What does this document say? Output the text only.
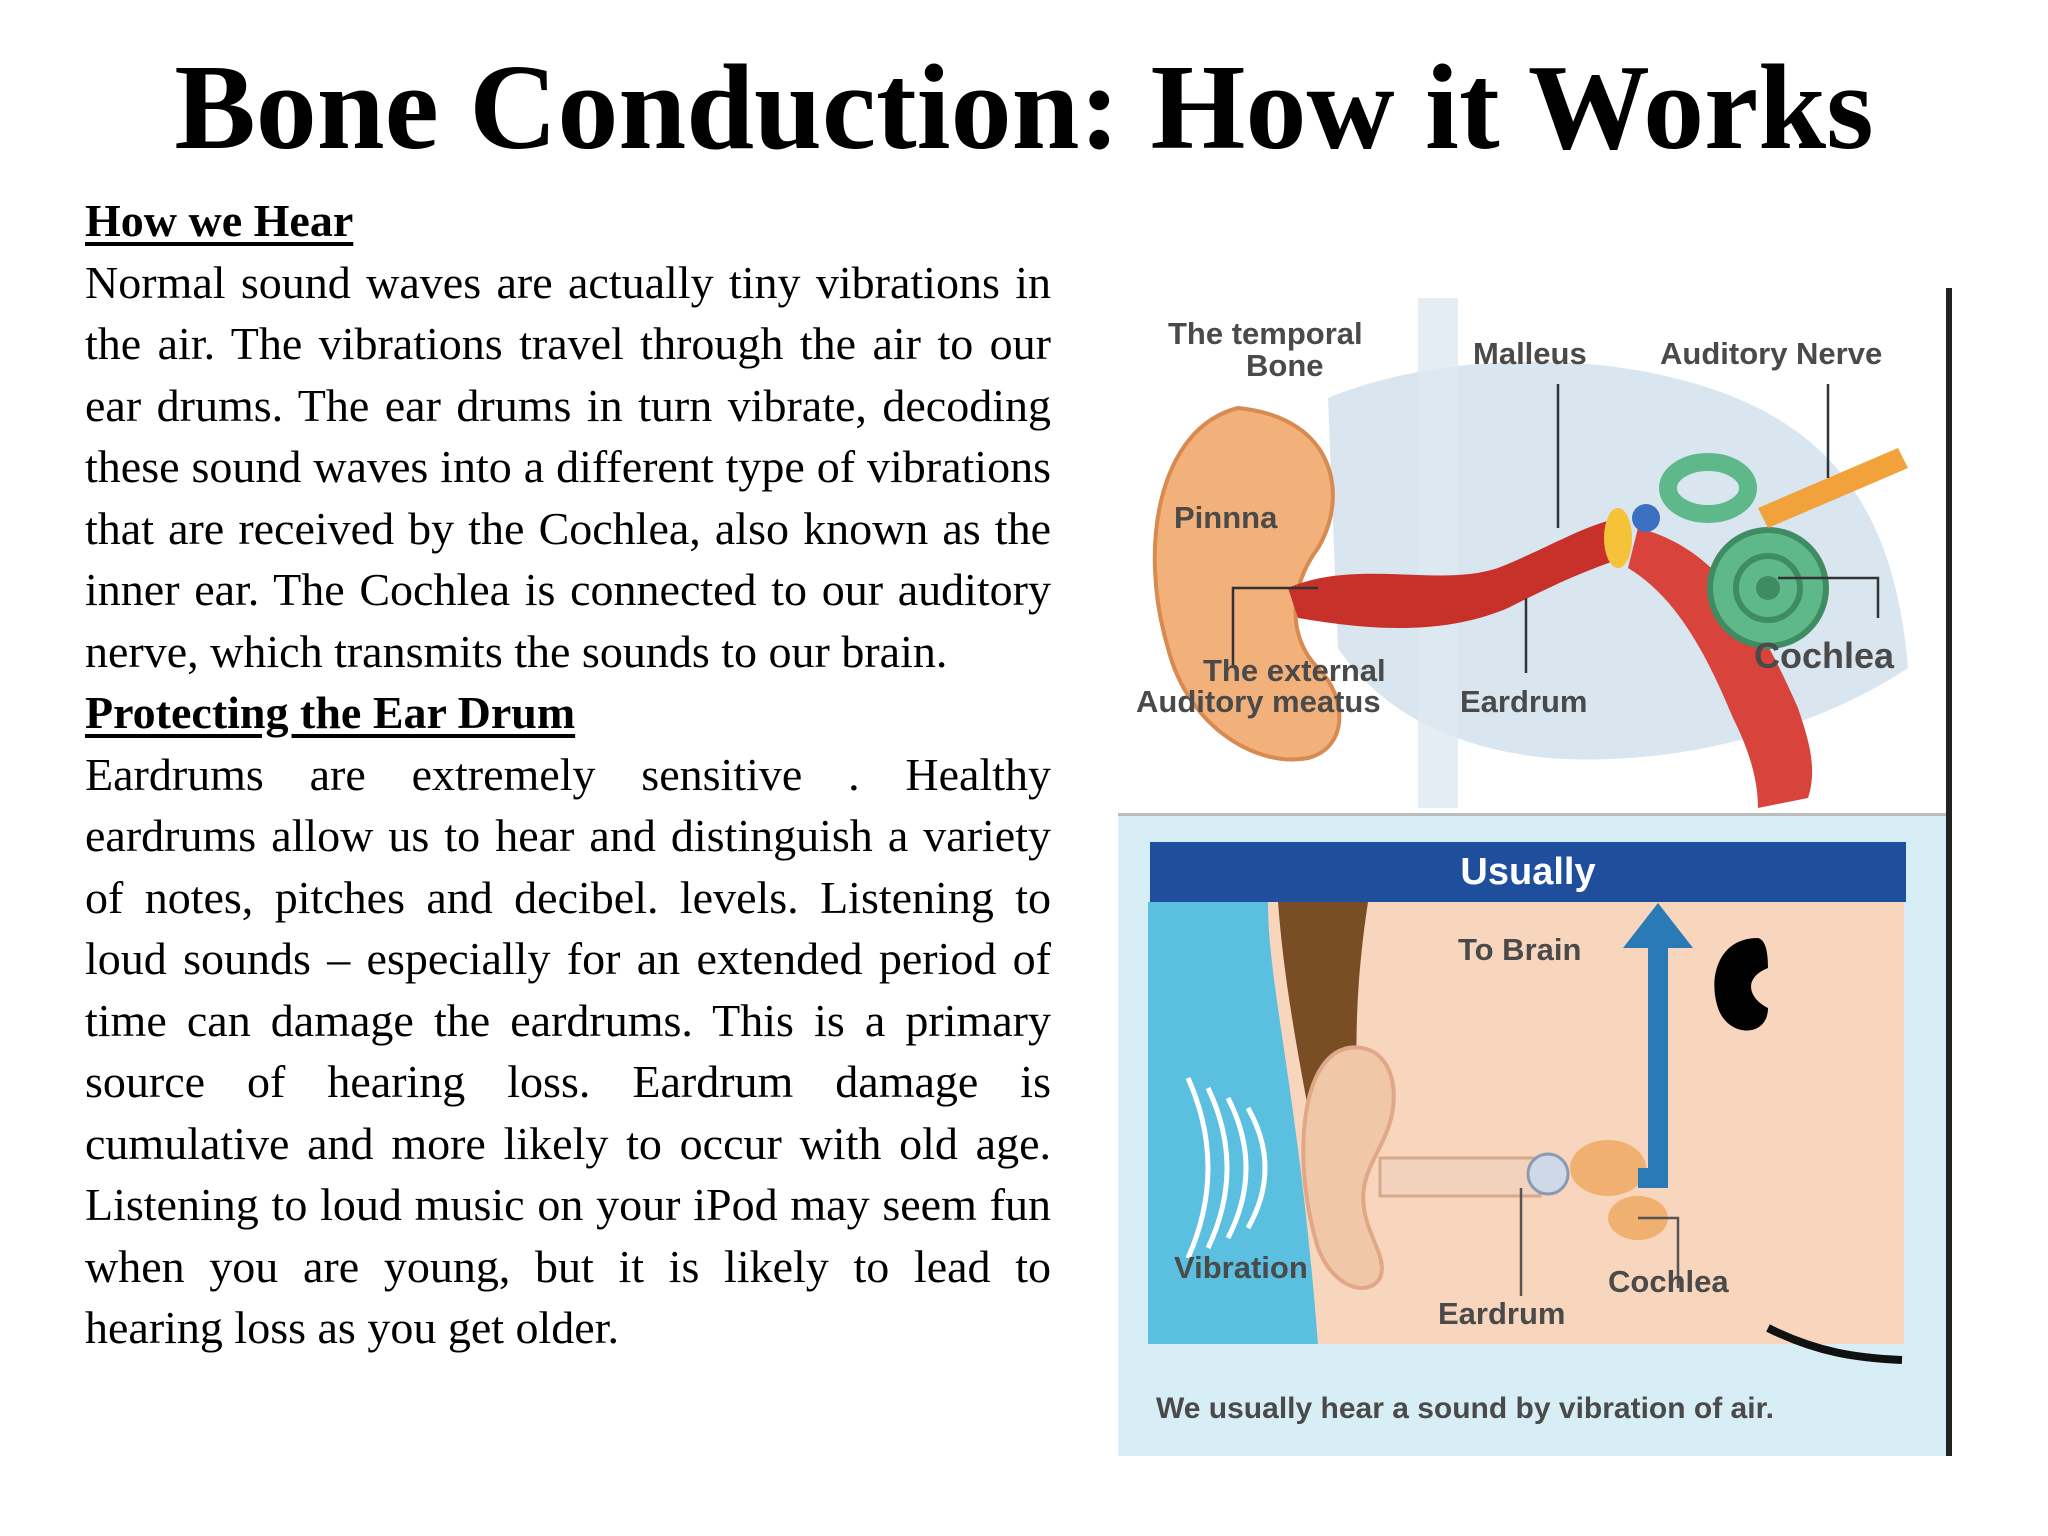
Bone Conduction: How it Works
How we Hear

Normal sound waves are actually tiny vibrations in the air. The vibrations travel through the air to our ear drums. The ear drums in turn vibrate, decoding these sound waves into a different type of vibrations that are received by the Cochlea, also known as the inner ear. The Cochlea is connected to our auditory nerve, which transmits the sounds to our brain.

Protecting the Ear Drum

Eardrums are extremely sensitive . Healthy eardrums allow us to hear and distinguish a variety of notes, pitches and decibel. levels. Listening to loud sounds – especially for an extended period of time can damage the eardrums. This is a primary source of hearing loss. Eardrum damage is cumulative and more likely to occur with old age. Listening to loud music on your iPod may seem fun when you are young, but it is likely to lead to hearing loss as you get older.

The temporal
Bone	Malleus Auditory Nerve
Pinnna
The external
Auditory meatus	Eardrum
Cochlea
Usually
To Brain
Vibration
Eardrum
Cochlea
We usually hear a sound by vibration of air.
